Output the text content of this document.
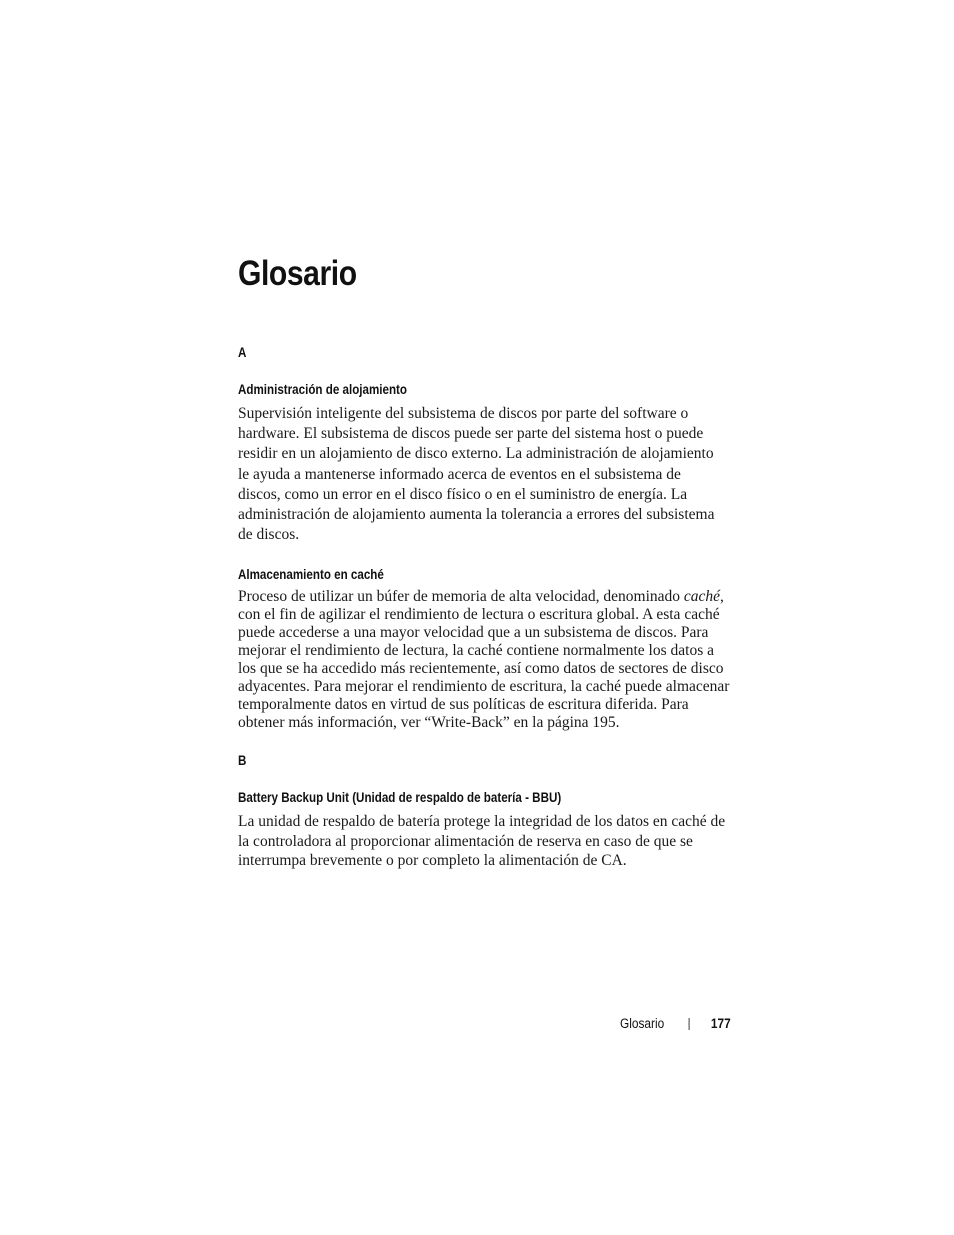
Glosario
A
Administración de alojamiento
Supervisión inteligente del subsistema de discos por parte del software o
hardware. El subsistema de discos puede ser parte del sistema host o puede
residir en un alojamiento de disco externo. La administración de alojamiento
le ayuda a mantenerse informado acerca de eventos en el subsistema de
discos, como un error en el disco físico o en el suministro de energía. La
administración de alojamiento aumenta la tolerancia a errores del subsistema
de discos.
Almacenamiento en caché
Proceso de utilizar un búfer de memoria de alta velocidad, denominado caché,
con el fin de agilizar el rendimiento de lectura o escritura global. A esta caché
puede accederse a una mayor velocidad que a un subsistema de discos. Para
mejorar el rendimiento de lectura, la caché contiene normalmente los datos a
los que se ha accedido más recientemente, así como datos de sectores de disco
adyacentes. Para mejorar el rendimiento de escritura, la caché puede almacenar
temporalmente datos en virtud de sus políticas de escritura diferida. Para
obtener más información, ver “Write-Back” en la página 195.
B
Battery Backup Unit (Unidad de respaldo de batería - BBU)
La unidad de respaldo de batería protege la integridad de los datos en caché de
la controladora al proporcionar alimentación de reserva en caso de que se
interrumpa brevemente o por completo la alimentación de CA.
Glosario	177
